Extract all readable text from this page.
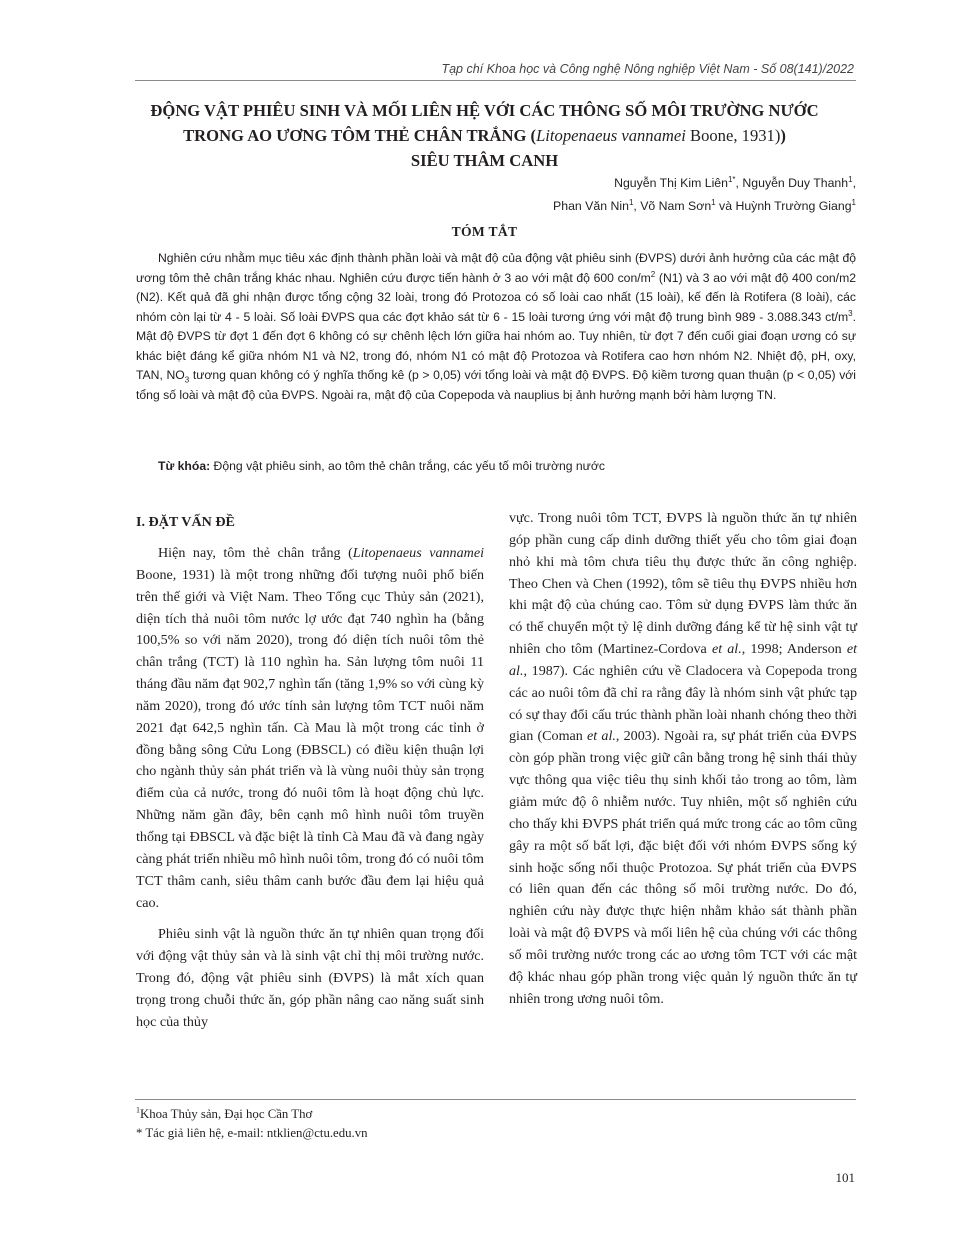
Tạp chí Khoa học và Công nghệ Nông nghiệp Việt Nam - Số 08(141)/2022
ĐỘNG VẬT PHIÊU SINH VÀ MỐI LIÊN HỆ VỚI CÁC THÔNG SỐ MÔI TRƯỜNG NƯỚC
TRONG AO ƯƠNG TÔM THẺ CHÂN TRẮNG (Litopenaeus vannamei Boone, 1931))
SIÊU THÂM CANH
Nguyễn Thị Kim Liên$^{1*}$, Nguyễn Duy Thanh$^1$,
Phan Văn Nin$^1$, Võ Nam Sơn$^1$ và Huỳnh Trường Giang$^1$
TÓM TẮT

Nghiên cứu nhằm mục tiêu xác định thành phần loài và mật độ của động vật phiêu sinh (ĐVPS) dưới ảnh hưởng của các mật độ ương tôm thẻ chân trắng khác nhau. Nghiên cứu được tiến hành ở 3 ao với mật độ 600 con/$m^2$ (N1) và 3 ao với mật độ 400 con/m2 (N2). Kết quả đã ghi nhận được tổng cộng 32 loài, trong đó Protozoa có số loài cao nhất (15 loài), kế đến là Rotifera (8 loài), các nhóm còn lại từ 4 - 5 loài. Số loài ĐVPS qua các đợt khảo sát từ 6 - 15 loài tương ứng với mật độ trung bình 989 - 3.088.343 $ct/m^3$. Mật độ ĐVPS từ đợt 1 đến đợt 6 không có sự chênh lệch lớn giữa hai nhóm ao. Tuy nhiên, từ đợt 7 đến cuối giai đoạn ương có sự khác biệt đáng kể giữa nhóm N1 và N2, trong đó, nhóm N1 có mật độ Protozoa và Rotifera cao hơn nhóm N2. Nhiệt độ, pH, oxy, TAN, $NO_3$ tương quan không có ý nghĩa thống kê (p > 0,05) với tổng loài và mật độ ĐVPS. Độ kiềm tương quan thuận (p < 0,05) với tổng số loài và mật độ của ĐVPS. Ngoài ra, mật độ của Copepoda và nauplius bị ảnh hưởng mạnh bởi hàm lượng TN.

Từ khóa: Động vật phiêu sinh, ao tôm thẻ chân trắng, các yếu tố môi trường nước
I. ĐẶT VẤN ĐỀ

Hiện nay, tôm thẻ chân trắng (Litopenaeus vannamei Boone, 1931) là một trong những đối tượng nuôi phổ biến trên thế giới và Việt Nam. Theo Tổng cục Thủy sản (2021), diện tích thả nuôi tôm nước lợ ước đạt 740 nghìn ha (bằng 100,5% so với năm 2020), trong đó diện tích nuôi tôm thẻ chân trắng (TCT) là 110 nghìn ha. Sản lượng tôm nuôi 11 tháng đầu năm đạt 902,7 nghìn tấn (tăng 1,9% so với cùng kỳ năm 2020), trong đó ước tính sản lượng tôm TCT nuôi năm 2021 đạt 642,5 nghìn tấn. Cà Mau là một trong các tỉnh ở đồng bằng sông Cửu Long (ĐBSCL) có điều kiện thuận lợi cho ngành thủy sản phát triển và là vùng nuôi thủy sản trọng điểm của cả nước, trong đó nuôi tôm là hoạt động chủ lực. Những năm gần đây, bên cạnh mô hình nuôi tôm truyền thống tại ĐBSCL và đặc biệt là tỉnh Cà Mau đã và đang ngày càng phát triển nhiều mô hình nuôi tôm, trong đó có nuôi tôm TCT thâm canh, siêu thâm canh bước đầu đem lại hiệu quả cao.

Phiêu sinh vật là nguồn thức ăn tự nhiên quan trọng đối với động vật thủy sản và là sinh vật chỉ thị môi trường nước. Trong đó, động vật phiêu sinh (ĐVPS) là mắt xích quan trọng trong chuỗi thức ăn, góp phần nâng cao năng suất sinh học của thủy

vực. Trong nuôi tôm TCT, ĐVPS là nguồn thức ăn tự nhiên góp phần cung cấp dinh dưỡng thiết yếu cho tôm giai đoạn nhỏ khi mà tôm chưa tiêu thụ được thức ăn công nghiệp. Theo Chen và Chen (1992), tôm sẽ tiêu thụ ĐVPS nhiều hơn khi mật độ của chúng cao. Tôm sử dụng ĐVPS làm thức ăn có thể chuyển một tỷ lệ dinh dưỡng đáng kể từ hệ sinh vật tự nhiên cho tôm (Martinez-Cordova et al., 1998; Anderson et al., 1987). Các nghiên cứu về Cladocera và Copepoda trong các ao nuôi tôm đã chỉ ra rằng đây là nhóm sinh vật phức tạp có sự thay đổi cấu trúc thành phần loài nhanh chóng theo thời gian (Coman et al., 2003). Ngoài ra, sự phát triển của ĐVPS còn góp phần trong việc giữ cân bằng trong hệ sinh thái thủy vực thông qua việc tiêu thụ sinh khối tảo trong ao tôm, làm giảm mức độ ô nhiễm nước. Tuy nhiên, một số nghiên cứu cho thấy khi ĐVPS phát triển quá mức trong các ao tôm cũng gây ra một số bất lợi, đặc biệt đối với nhóm ĐVPS sống ký sinh hoặc sống nổi thuộc Protozoa. Sự phát triển của ĐVPS có liên quan đến các thông số môi trường nước. Do đó, nghiên cứu này được thực hiện nhằm khảo sát thành phần loài và mật độ ĐVPS và mối liên hệ của chúng với các thông số môi trường nước trong các ao ương tôm TCT với các mật độ khác nhau góp phần trong việc quản lý nguồn thức ăn tự nhiên trong ương nuôi tôm.

$^1$Khoa Thủy sản, Đại học Cần Thơ
* Tác giả liên hệ, e-mail: ntklien@ctu.edu.vn
101
